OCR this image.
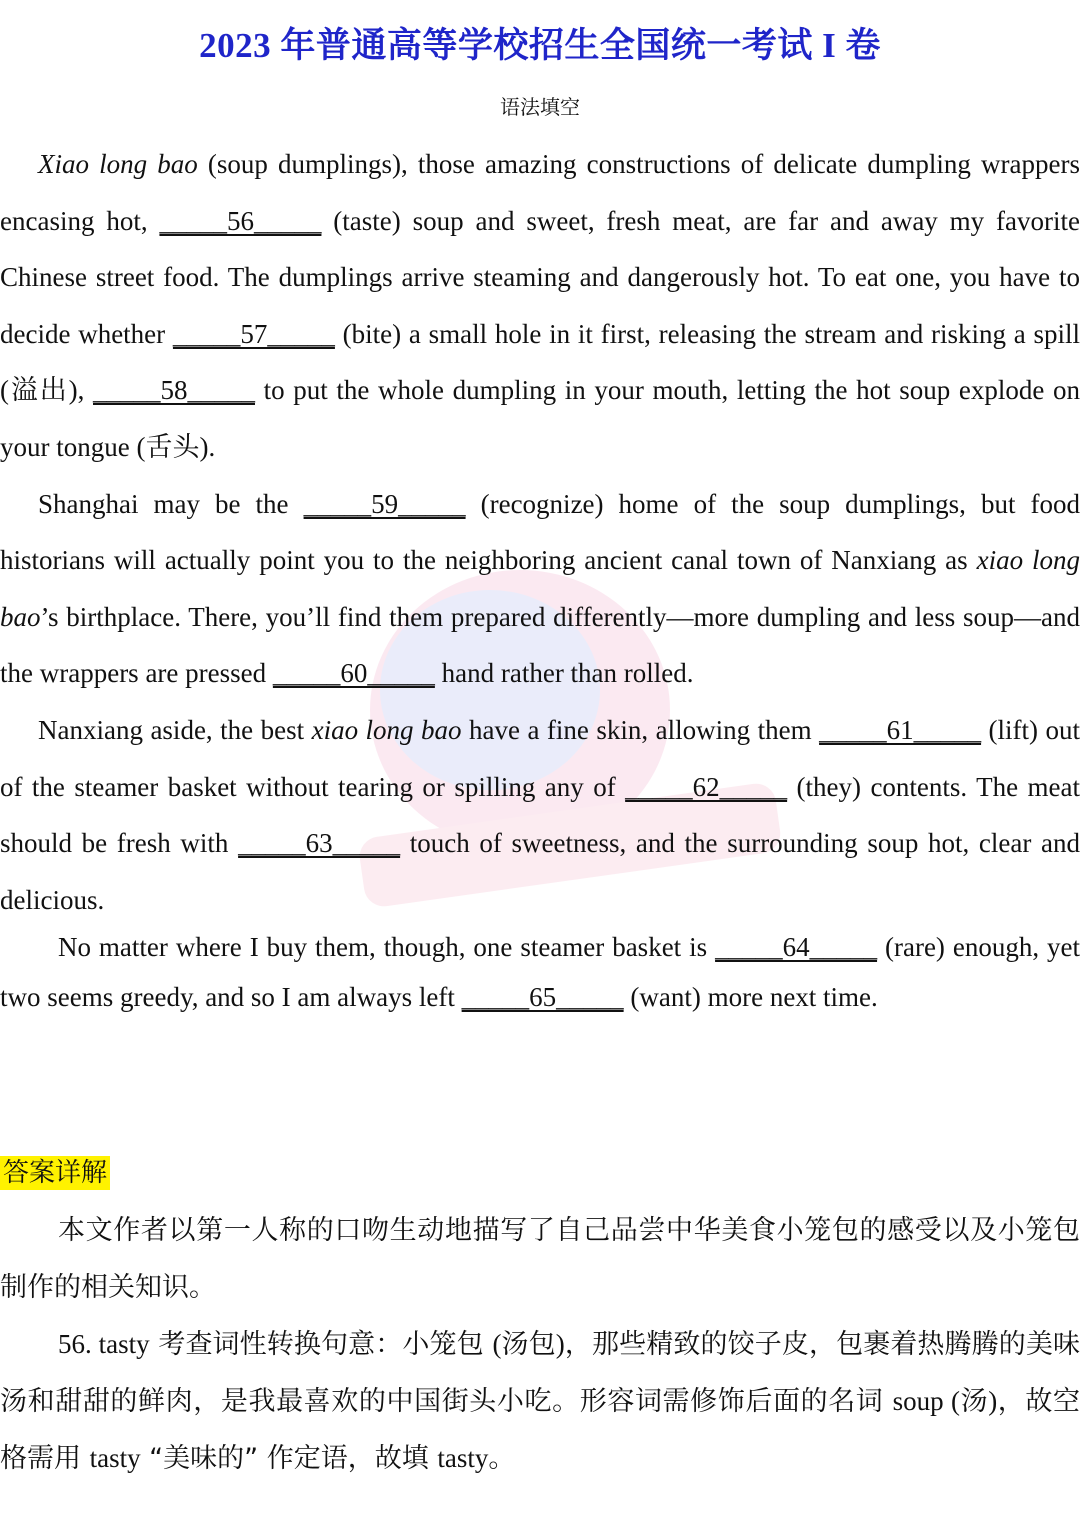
2023 年普通高等学校招生全国统一考试 I 卷
语法填空

Xiao long bao (soup dumplings), those amazing constructions of delicate dumpling wrappers encasing hot, _____56_____ (taste) soup and sweet, fresh meat, are far and away my favorite Chinese street food. The dumplings arrive steaming and dangerously hot. To eat one, you have to decide whether _____57_____ (bite) a small hole in it first, releasing the stream and risking a spill (溢出), _____58_____ to put the whole dumpling in your mouth, letting the hot soup explode on your tongue (舌头).

Shanghai may be the _____59_____ (recognize) home of the soup dumplings, but food historians will actually point you to the neighboring ancient canal town of Nanxiang as xiao long bao’s birthplace. There, you’ll find them prepared differently—more dumpling and less soup—and the wrappers are pressed _____60_____ hand rather than rolled.

Nanxiang aside, the best xiao long bao have a fine skin, allowing them _____61_____ (lift) out of the steamer basket without tearing or spilling any of _____62_____ (they) contents. The meat should be fresh with _____63_____ touch of sweetness, and the surrounding soup hot, clear and delicious.

No matter where I buy them, though, one steamer basket is _____64_____ (rare) enough, yet two seems greedy, and so I am always left _____65_____ (want) more next time.

答案详解

本文作者以第一人称的口吻生动地描写了自己品尝中华美食小笼包的感受以及小笼包制作的相关知识。

56. tasty 考查词性转换句意：小笼包 (汤包)，那些精致的饺子皮，包裹着热腾腾的美味汤和甜甜的鲜肉，是我最喜欢的中国街头小吃。形容词需修饰后面的名词 soup (汤)，故空格需用 tasty “美味的” 作定语，故填 tasty。
